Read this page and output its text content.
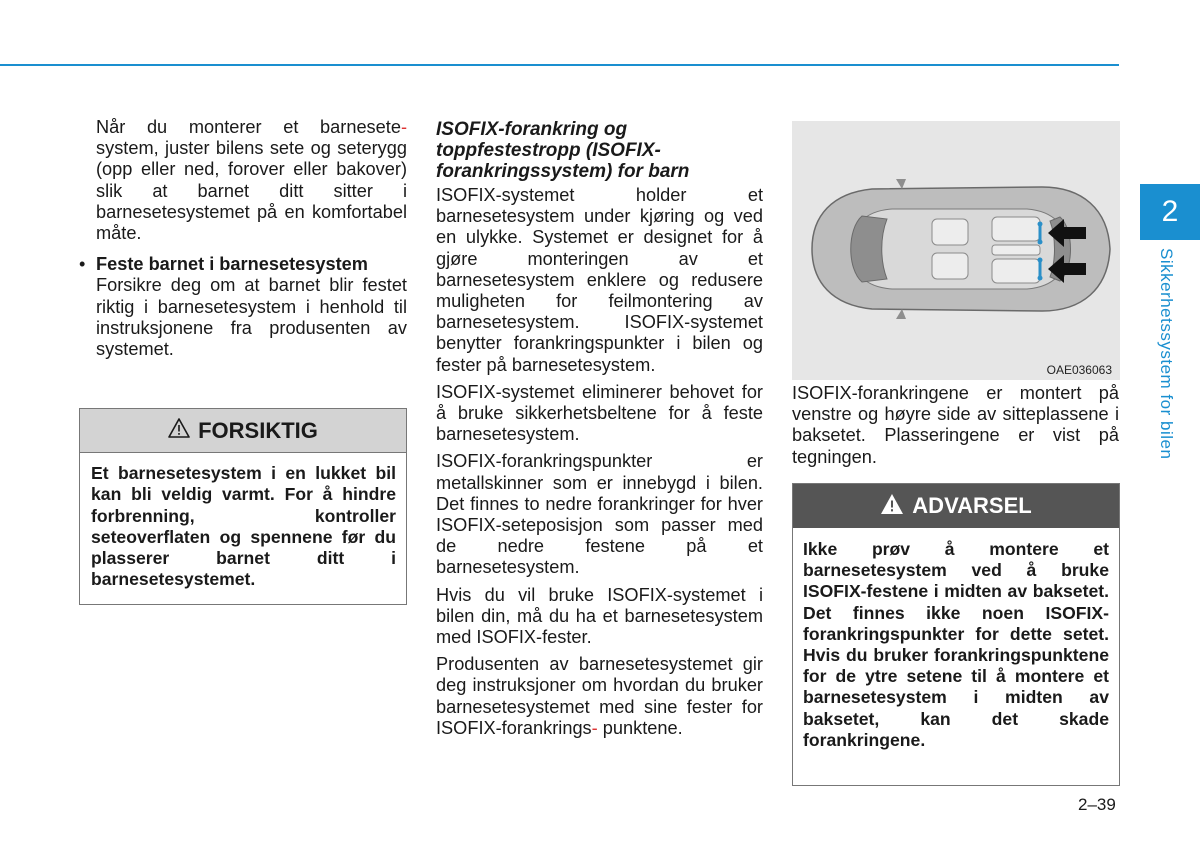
Når du monterer et barnesete- system, juster bilens sete og seterygg (opp eller ned, forover eller bakover) slik at barnet ditt sitter i barnesetesystemet på en komfortabel måte.

• Feste barnet i barnesetesystem
Forsikre deg om at barnet blir festet riktig i barnesetesystem i henhold til instruksjonene fra produsenten av systemet.
FORSIKTIG
Et barnesetesystem i en lukket bil kan bli veldig varmt. For å hindre forbrenning, kontroller seteoverflaten og spennene før du plasserer barnet ditt i barnesetesystemet.
ISOFIX-forankring og toppfestestropp (ISOFIX-forankringssystem) for barn

ISOFIX-systemet holder et barnesetesystem under kjøring og ved en ulykke. Systemet er designet for å gjøre monteringen av et barnesetesystem enklere og redusere muligheten for feilmontering av barnesetesystem. ISOFIX-systemet benytter forankringspunkter i bilen og fester på barnesetesystem.

ISOFIX-systemet eliminerer behovet for å bruke sikkerhetsbeltene for å feste barnesetesystem.

ISOFIX-forankringspunkter er metallskinner som er innebygd i bilen. Det finnes to nedre forankringer for hver ISOFIX-seteposisjon som passer med de nedre festene på et barnesetesystem.

Hvis du vil bruke ISOFIX-systemet i bilen din, må du ha et barnesetesystem med ISOFIX-fester.

Produsenten av barnesetesystemet gir deg instruksjoner om hvordan du bruker barnesetesystemet med sine fester for ISOFIX-forankrings- punktene.

OAE036063

ISOFIX-forankringene er montert på venstre og høyre side av sitteplassene i baksetet. Plasseringene er vist på tegningen.

ADVARSEL
Ikke prøv å montere et barnesetesystem ved å bruke ISOFIX-festene i midten av baksetet. Det finnes ikke noen ISOFIX-forankringspunkter for dette setet. Hvis du bruker forankringspunktene for de ytre setene til å montere et barnesetesystem i midten av baksetet, kan det skade forankringene.
2
Sikkerhetssystem for bilen
2–39
